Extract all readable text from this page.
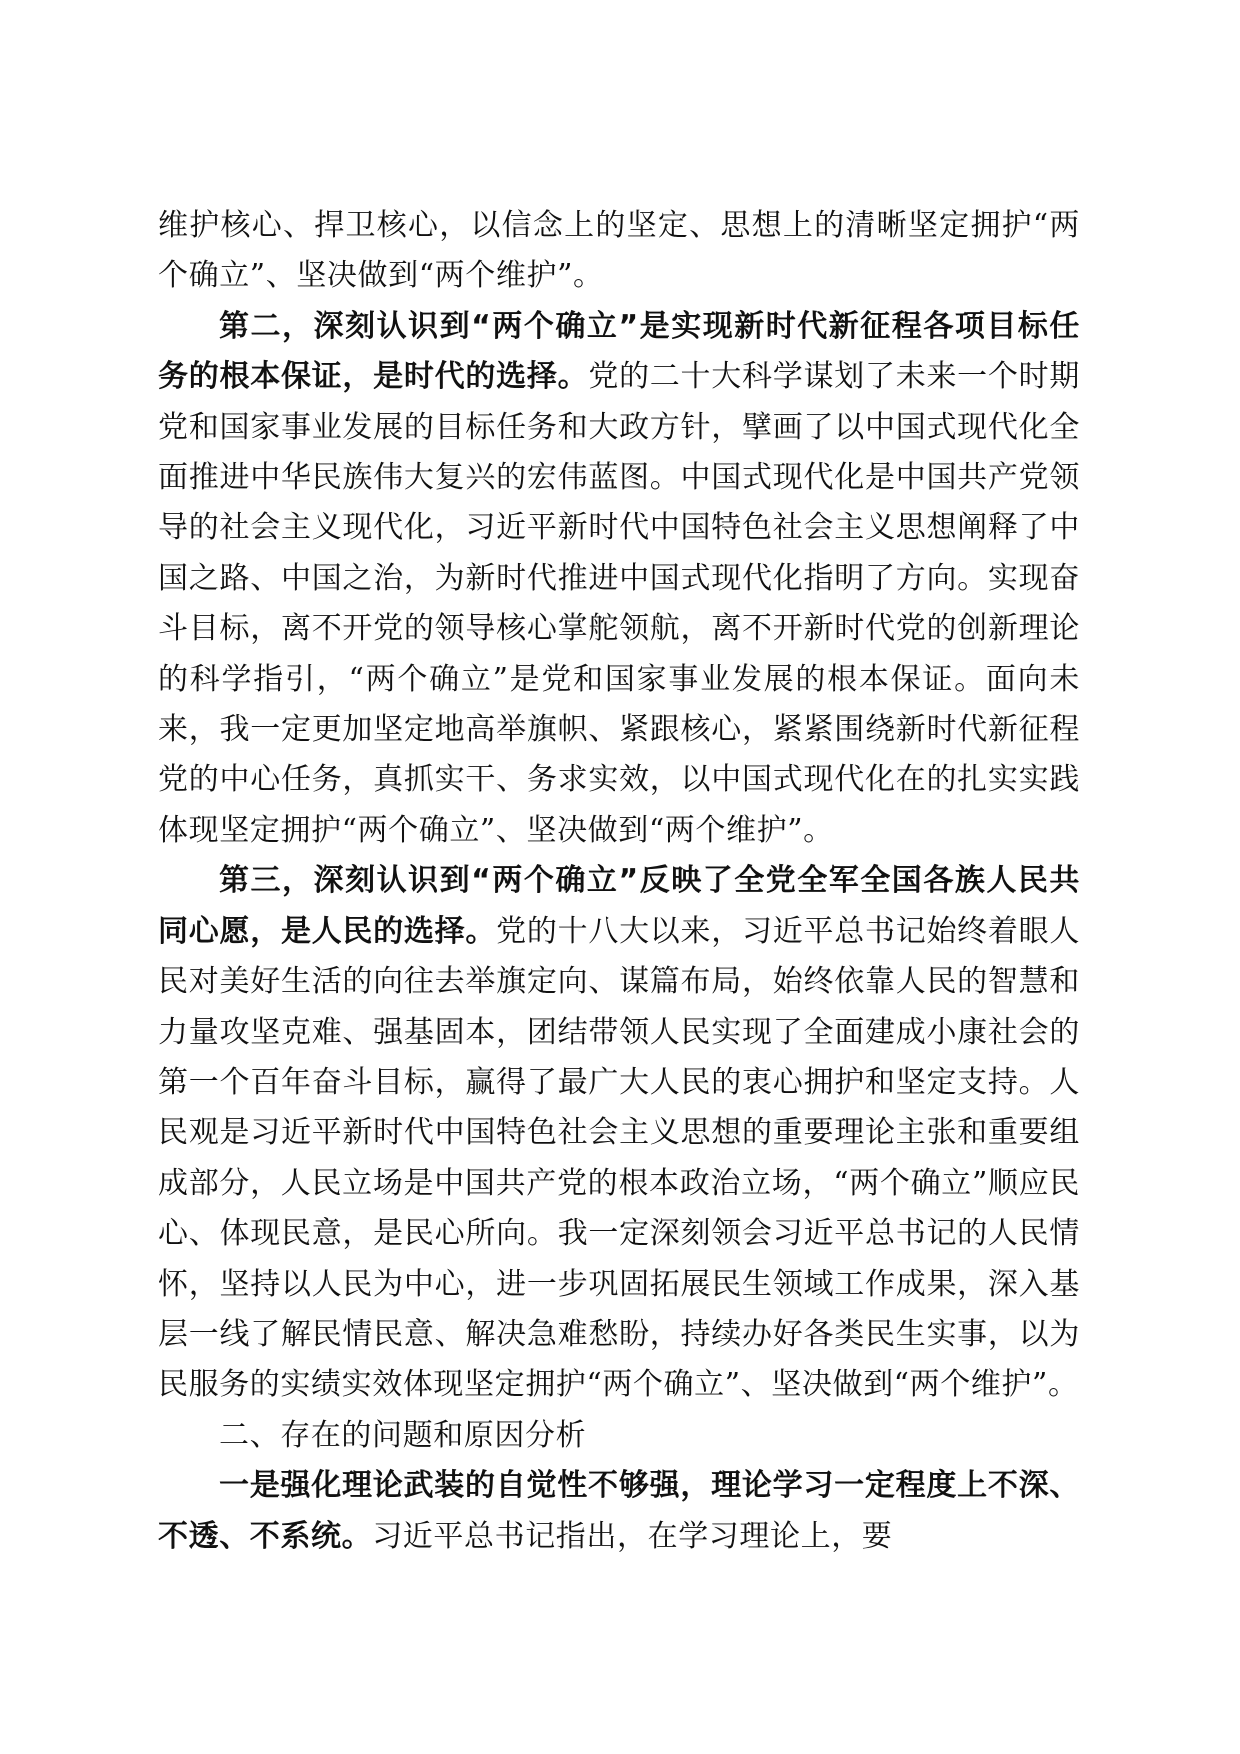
维护核心、捍卫核心，以信念上的坚定、思想上的清晰坚定拥护“两个确立”、坚决做到“两个维护”。

第二，深刻认识到“两个确立”是实现新时代新征程各项目标任务的根本保证，是时代的选择。党的二十大科学谋划了未来一个时期党和国家事业发展的目标任务和大政方针，擘画了以中国式现代化全面推进中华民族伟大复兴的宏伟蓝图。中国式现代化是中国共产党领导的社会主义现代化，习近平新时代中国特色社会主义思想阐释了中国之路、中国之治，为新时代推进中国式现代化指明了方向。实现奋斗目标，离不开党的领导核心掌舵领航，离不开新时代党的创新理论的科学指引，“两个确立”是党和国家事业发展的根本保证。面向未来，我一定更加坚定地高举旗帜、紧跟核心，紧紧围绕新时代新征程党的中心任务，真抓实干、务求实效，以中国式现代化在的扎实实践体现坚定拥护“两个确立”、坚决做到“两个维护”。

第三，深刻认识到“两个确立”反映了全党全军全国各族人民共同心愿，是人民的选择。党的十八大以来，习近平总书记始终着眼人民对美好生活的向往去举旗定向、谋篇布局，始终依靠人民的智慧和力量攻坚克难、强基固本，团结带领人民实现了全面建成小康社会的第一个百年奋斗目标，赢得了最广大人民的衷心拥护和坚定支持。人民观是习近平新时代中国特色社会主义思想的重要理论主张和重要组成部分，人民立场是中国共产党的根本政治立场，“两个确立”顺应民心、体现民意，是民心所向。我一定深刻领会习近平总书记的人民情怀，坚持以人民为中心，进一步巩固拓展民生领域工作成果，深入基层一线了解民情民意、解决急难愁盼，持续办好各类民生实事，以为民服务的实绩实效体现坚定拥护“两个确立”、坚决做到“两个维护”。

二、存在的问题和原因分析

一是强化理论武装的自觉性不够强，理论学习一定程度上不深、不透、不系统。习近平总书记指出，在学习理论上，要
